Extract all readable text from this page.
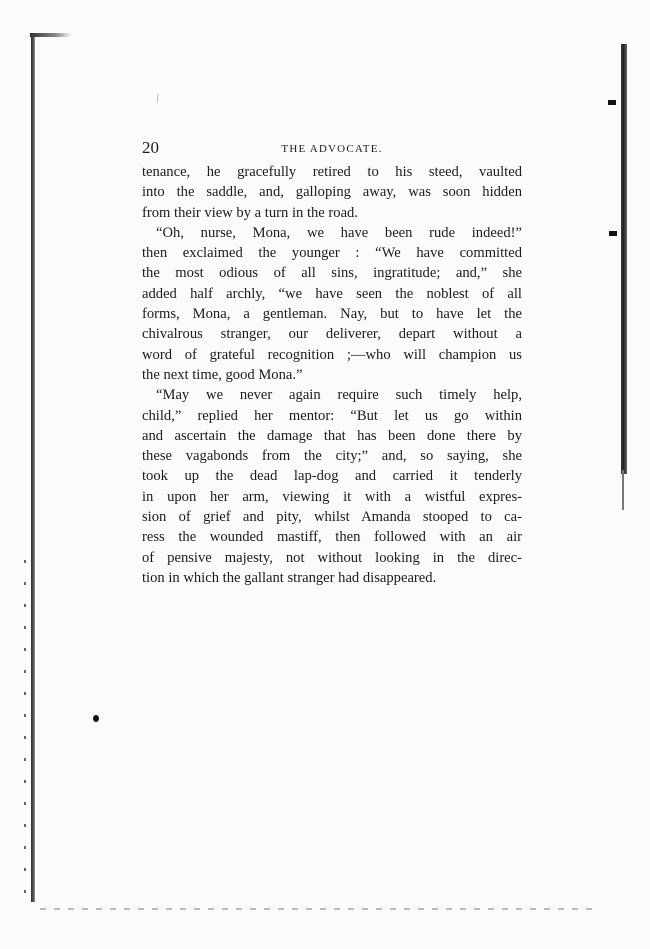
∕
20	THE ADVOCATE.
tenance, he gracefully retired to his steed, vaulted
into the saddle, and, galloping away, was soon hidden
from their view by a turn in the road.
“Oh, nurse, Mona, we have been rude indeed!”
then exclaimed the younger : “We have committed
the most odious of all sins, ingratitude; and,” she
added half archly, “we have seen the noblest of all
forms, Mona, a gentleman. Nay, but to have let the
chivalrous stranger, our deliverer, depart without a
word of grateful recognition ;—who will champion us
the next time, good Mona.”
“May we never again require such timely help,
child,” replied her mentor: “But let us go within
and ascertain the damage that has been done there by
these vagabonds from the city;” and, so saying, she
took up the dead lap-dog and carried it tenderly
in upon her arm, viewing it with a wistful expres-
sion of grief and pity, whilst Amanda stooped to ca-
ress the wounded mastiff, then followed with an air
of pensive majesty, not without looking in the direc-
tion in which the gallant stranger had disappeared.
